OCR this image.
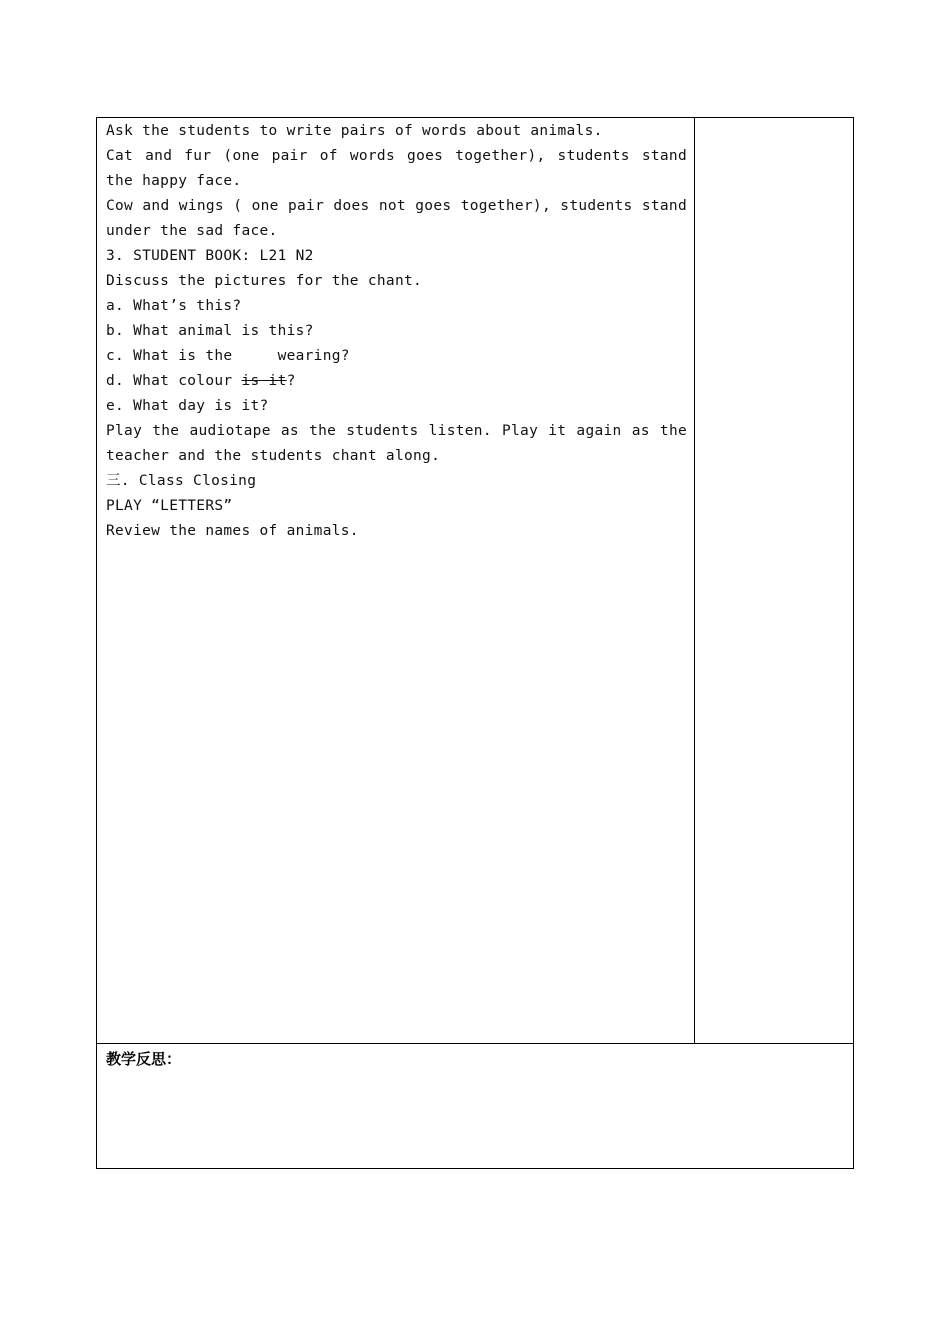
Ask the students to write pairs of words about animals.
Cat and fur (one pair of words goes together), students stand
the happy face.
Cow and wings ( one pair does not goes together), students stand
under the sad face.
3. STUDENT BOOK: L21 N2
Discuss the pictures for the chant.
a. What’s this?
b. What animal is this?
c. What is the     wearing?
d. What colour is it?
e. What day is it?
Play the audiotape as the students listen. Play it again as the
teacher and the students chant along.
三. Class Closing
PLAY “LETTERS”
Review the names of animals.
教学反思：
